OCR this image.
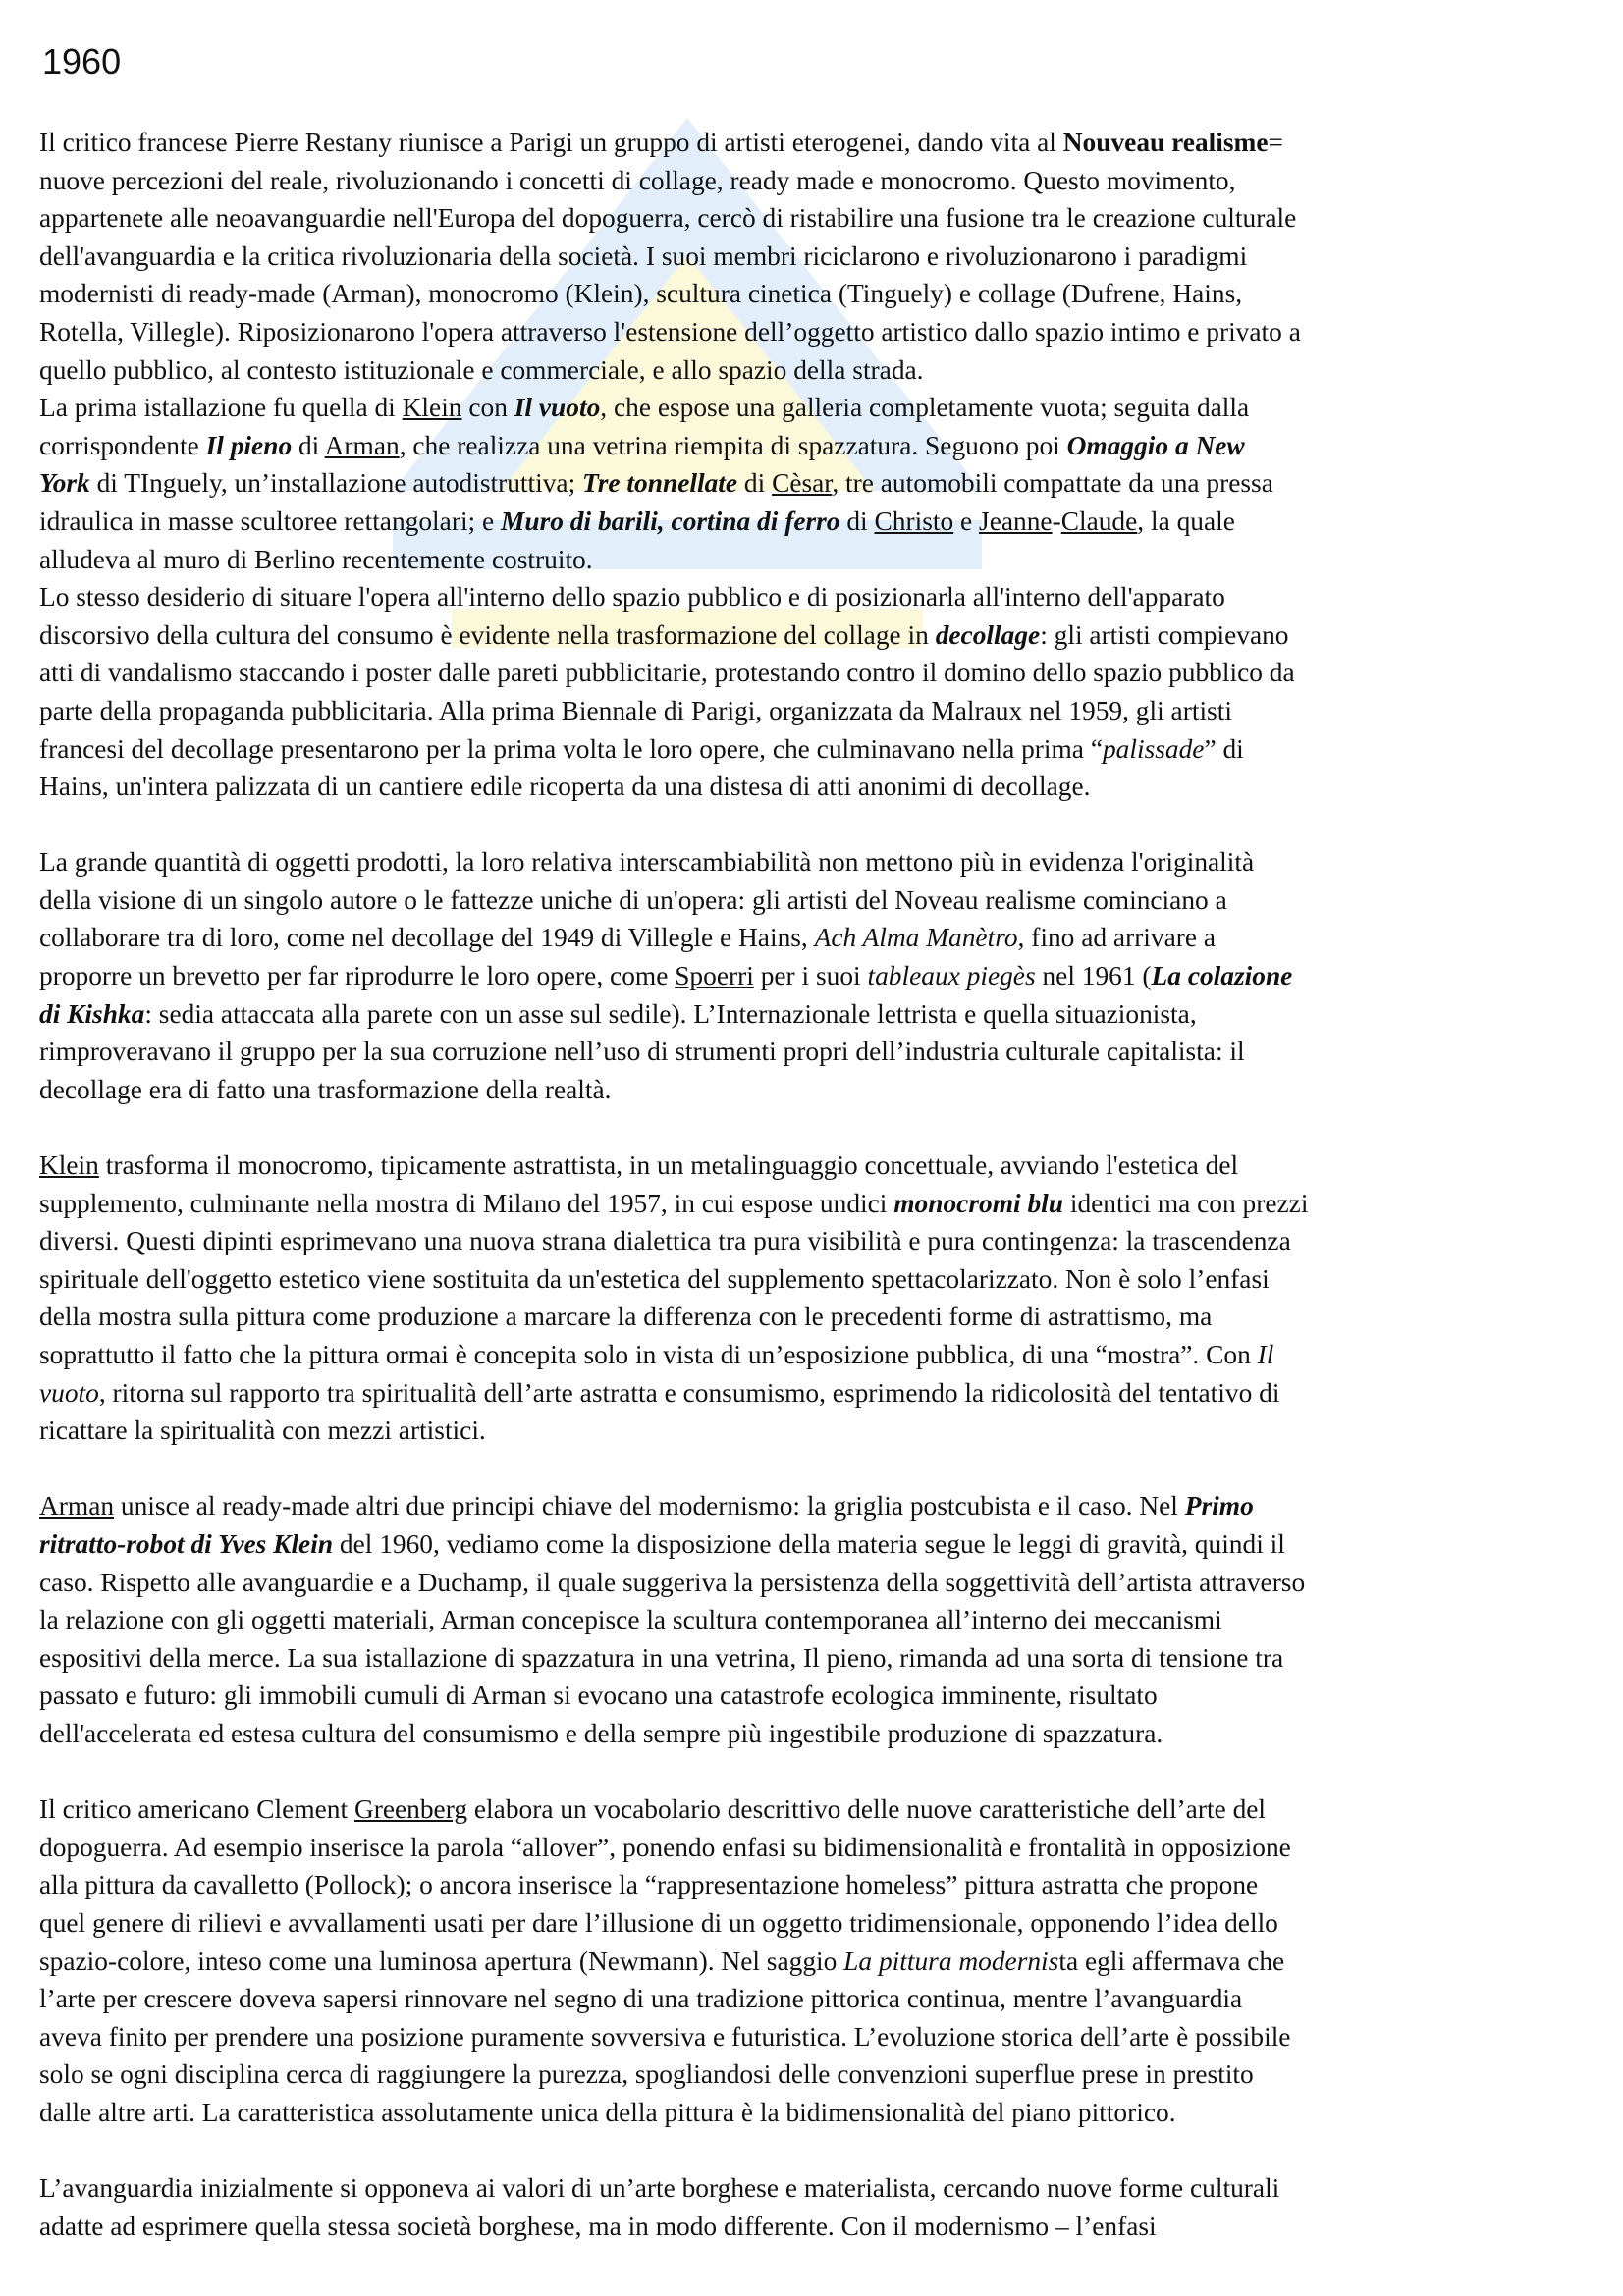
1960

Il critico francese Pierre Restany riunisce a Parigi un gruppo di artisti eterogenei, dando vita al Nouveau realisme=
nuove percezioni del reale, rivoluzionando i concetti di collage, ready made e monocromo. Questo movimento,
appartenete alle neoavanguardie nell'Europa del dopoguerra, cercò di ristabilire una fusione tra le creazione culturale
dell'avanguardia e la critica rivoluzionaria della società. I suoi membri riciclarono e rivoluzionarono i paradigmi
modernisti di ready-made (Arman), monocromo (Klein), scultura cinetica (Tinguely) e collage (Dufrene, Hains,
Rotella, Villegle). Riposizionarono l'opera attraverso l'estensione dell’oggetto artistico dallo spazio intimo e privato a
quello pubblico, al contesto istituzionale e commerciale, e allo spazio della strada.
La prima istallazione fu quella di Klein con Il vuoto, che espose una galleria completamente vuota; seguita dalla
corrispondente Il pieno di Arman, che realizza una vetrina riempita di spazzatura. Seguono poi Omaggio a New
York di TInguely, un’installazione autodistruttiva; Tre tonnellate di Cèsar, tre automobili compattate da una pressa
idraulica in masse scultoree rettangolari; e Muro di barili, cortina di ferro di Christo e Jeanne-Claude, la quale
alludeva al muro di Berlino recentemente costruito.
Lo stesso desiderio di situare l'opera all'interno dello spazio pubblico e di posizionarla all'interno dell'apparato
discorsivo della cultura del consumo è evidente nella trasformazione del collage in decollage: gli artisti compievano
atti di vandalismo staccando i poster dalle pareti pubblicitarie, protestando contro il domino dello spazio pubblico da
parte della propaganda pubblicitaria. Alla prima Biennale di Parigi, organizzata da Malraux nel 1959, gli artisti
francesi del decollage presentarono per la prima volta le loro opere, che culminavano nella prima “palissade” di
Hains, un'intera palizzata di un cantiere edile ricoperta da una distesa di atti anonimi di decollage.

La grande quantità di oggetti prodotti, la loro relativa interscambiabilità non mettono più in evidenza l'originalità
della visione di un singolo autore o le fattezze uniche di un'opera: gli artisti del Noveau realisme cominciano a
collaborare tra di loro, come nel decollage del 1949 di Villegle e Hains, Ach Alma Manètro, fino ad arrivare a
proporre un brevetto per far riprodurre le loro opere, come Spoerri per i suoi tableaux piegès nel 1961 (La colazione
di Kishka: sedia attaccata alla parete con un asse sul sedile). L’Internazionale lettrista e quella situazionista,
rimproveravano il gruppo per la sua corruzione nell’uso di strumenti propri dell’industria culturale capitalista: il
decollage era di fatto una trasformazione della realtà.

Klein trasforma il monocromo, tipicamente astrattista, in un metalinguaggio concettuale, avviando l'estetica del
supplemento, culminante nella mostra di Milano del 1957, in cui espose undici monocromi blu identici ma con prezzi
diversi. Questi dipinti esprimevano una nuova strana dialettica tra pura visibilità e pura contingenza: la trascendenza
spirituale dell'oggetto estetico viene sostituita da un'estetica del supplemento spettacolarizzato. Non è solo l’enfasi
della mostra sulla pittura come produzione a marcare la differenza con le precedenti forme di astrattismo, ma
soprattutto il fatto che la pittura ormai è concepita solo in vista di un’esposizione pubblica, di una “mostra”. Con Il
vuoto, ritorna sul rapporto tra spiritualità dell’arte astratta e consumismo, esprimendo la ridicolosità del tentativo di
ricattare la spiritualità con mezzi artistici.

Arman unisce al ready-made altri due principi chiave del modernismo: la griglia postcubista e il caso. Nel Primo
ritratto-robot di Yves Klein del 1960, vediamo come la disposizione della materia segue le leggi di gravità, quindi il
caso. Rispetto alle avanguardie e a Duchamp, il quale suggeriva la persistenza della soggettività dell’artista attraverso
la relazione con gli oggetti materiali, Arman concepisce la scultura contemporanea all’interno dei meccanismi
espositivi della merce. La sua istallazione di spazzatura in una vetrina, Il pieno, rimanda ad una sorta di tensione tra
passato e futuro: gli immobili cumuli di Arman si evocano una catastrofe ecologica imminente, risultato
dell'accelerata ed estesa cultura del consumismo e della sempre più ingestibile produzione di spazzatura.

Il critico americano Clement Greenberg elabora un vocabolario descrittivo delle nuove caratteristiche dell’arte del
dopoguerra. Ad esempio inserisce la parola “allover”, ponendo enfasi su bidimensionalità e frontalità in opposizione
alla pittura da cavalletto (Pollock); o ancora inserisce la “rappresentazione homeless” pittura astratta che propone
quel genere di rilievi e avvallamenti usati per dare l’illusione di un oggetto tridimensionale, opponendo l’idea dello
spazio-colore, inteso come una luminosa apertura (Newmann). Nel saggio La pittura modernista egli affermava che
l’arte per crescere doveva sapersi rinnovare nel segno di una tradizione pittorica continua, mentre l’avanguardia
aveva finito per prendere una posizione puramente sovversiva e futuristica. L’evoluzione storica dell’arte è possibile
solo se ogni disciplina cerca di raggiungere la purezza, spogliandosi delle convenzioni superflue prese in prestito
dalle altre arti. La caratteristica assolutamente unica della pittura è la bidimensionalità del piano pittorico.

L’avanguardia inizialmente si opponeva ai valori di un’arte borghese e materialista, cercando nuove forme culturali
adatte ad esprimere quella stessa società borghese, ma in modo differente. Con il modernismo – l’enfasi
